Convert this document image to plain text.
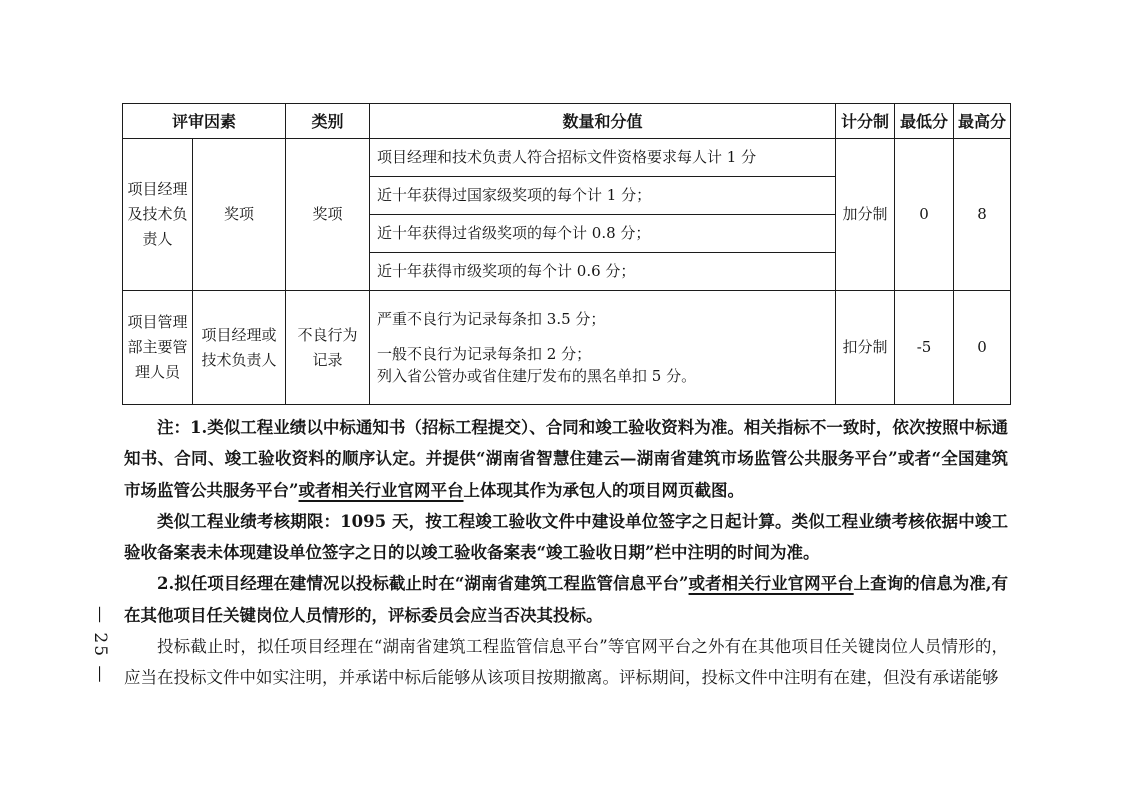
— 25 —
评审因素		类别	数量和分值	计分制	最低分	最高分
项目经理及技术负责人	奖项	奖项	项目经理和技术负责人符合招标文件资格要求每人计 1 分	加分制	0	8
			近十年获得过国家级奖项的每个计 1 分；			
			近十年获得过省级奖项的每个计 0.8 分；			
			近十年获得市级奖项的每个计 0.6 分；			
项目管理部主要管理人员	项目经理或技术负责人	不良行为记录	严重不良行为记录每条扣 3.5 分；
一般不良行为记录每条扣 2 分；
列入省公管办或省住建厅发布的黑名单扣 5 分。	扣分制	-5	0

注：1.类似工程业绩以中标通知书（招标工程提交）、合同和竣工验收资料为准。相关指标不一致时，依次按照中标通知书、合同、竣工验收资料的顺序认定。并提供“湖南省智慧住建云—湖南省建筑市场监管公共服务平台”或者“全国建筑市场监管公共服务平台”或者相关行业官网平台上体现其作为承包人的项目网页截图。

类似工程业绩考核期限：1095 天，按工程竣工验收文件中建设单位签字之日起计算。类似工程业绩考核依据中竣工验收备案表未体现建设单位签字之日的以竣工验收备案表“竣工验收日期”栏中注明的时间为准。

2.拟任项目经理在建情况以投标截止时在“湖南省建筑工程监管信息平台”或者相关行业官网平台上查询的信息为准,有在其他项目任关键岗位人员情形的，评标委员会应当否决其投标。

投标截止时，拟任项目经理在“湖南省建筑工程监管信息平台”等官网平台之外有在其他项目任关键岗位人员情形的，应当在投标文件中如实注明，并承诺中标后能够从该项目按期撤离。评标期间，投标文件中注明有在建，但没有承诺能够
